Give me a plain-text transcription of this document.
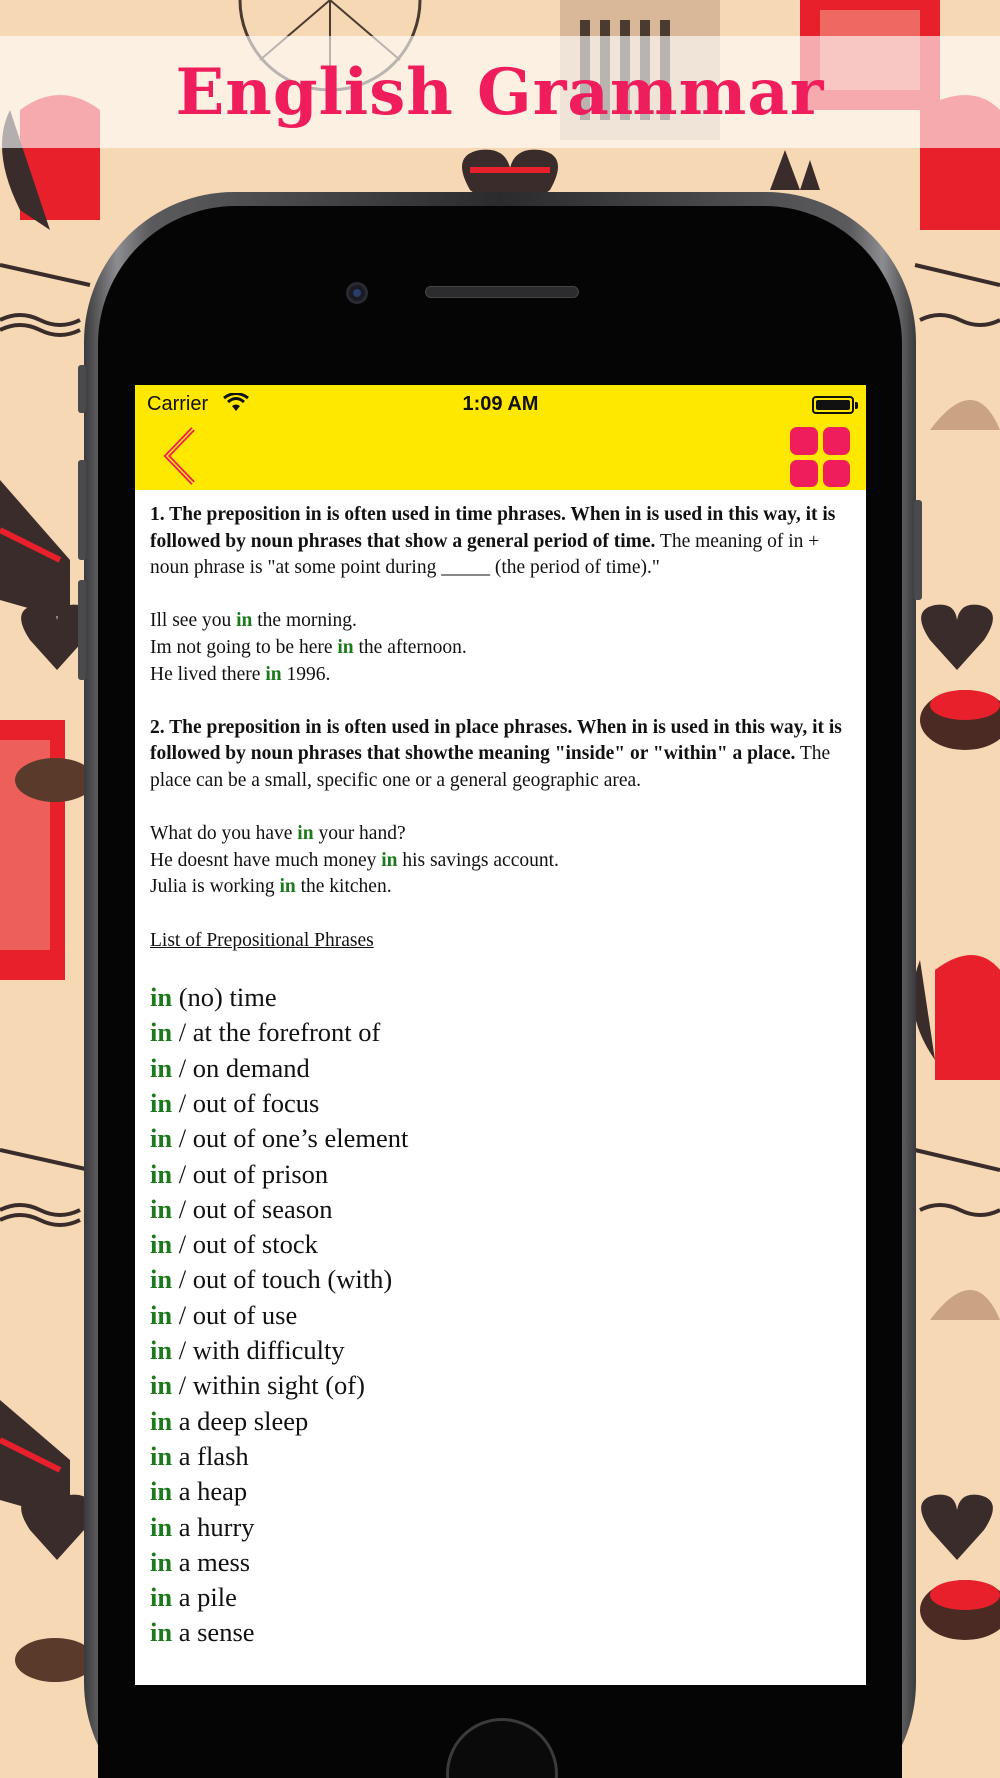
English Grammar
Carrier	1:09 AM

1. The preposition in is often used in time phrases. When in is used in this way, it is followed by noun phrases that show a general period of time. The meaning of in + noun phrase is "at some point during _____ (the period of time)."

Ill see you in the morning.
Im not going to be here in the afternoon.
He lived there in 1996.

2. The preposition in is often used in place phrases. When in is used in this way, it is followed by noun phrases that showthe meaning "inside" or "within" a place. The place can be a small, specific one or a general geographic area.

What do you have in your hand?
He doesnt have much money in his savings account.
Julia is working in the kitchen.

List of Prepositional Phrases

in (no) time
in / at the forefront of
in / on demand
in / out of focus
in / out of one’s element
in / out of prison
in / out of season
in / out of stock
in / out of touch (with)
in / out of use
in / with difficulty
in / within sight (of)
in a deep sleep
in a flash
in a heap
in a hurry
in a mess
in a pile
in a sense
